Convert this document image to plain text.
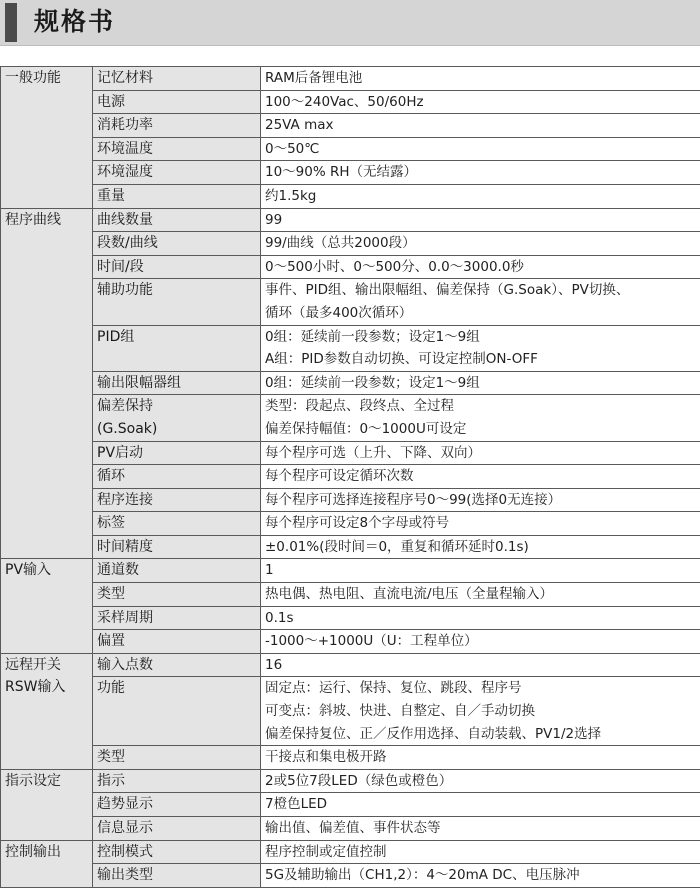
规格书
一般功能	记忆材料	RAM后备锂电池

	电源	100～240Vac、50/60Hz

	消耗功率	25VA max

	环境温度	0～50℃

	环境湿度	10～90% RH（无结露）

	重量	约1.5kg

程序曲线	曲线数量	99

	段数/曲线	99/曲线（总共2000段）

	时间/段	0～500小时、0～500分、0.0～3000.0秒

	辅助功能	事件、PID组、输出限幅组、偏差保持（G.Soak）、PV切换、
循环（最多400次循环）

	PID组	0组：延续前一段参数；设定1～9组
A组：PID参数自动切换、可设定控制ON-OFF

	输出限幅器组	0组：延续前一段参数；设定1～9组

	偏差保持
(G.Soak)	类型：段起点、段终点、全过程
偏差保持幅值：0～1000U可设定

	PV启动	每个程序可选（上升、下降、双向）

	循环	每个程序可设定循环次数

	程序连接	每个程序可选择连接程序号0～99(选择0无连接）

	标签	每个程序可设定8个字母或符号

	时间精度	±0.01%(段时间＝0，重复和循环延时0.1s)

PV输入	通道数	1

	类型	热电偶、热电阻、直流电流/电压（全量程输入）

	采样周期	0.1s

	偏置	-1000～+1000U（U：工程单位）

远程开关
RSW输入	输入点数	16

	功能	固定点：运行、保持、复位、跳段、程序号
可变点：斜坡、快进、自整定、自／手动切换
偏差保持复位、正／反作用选择、自动装载、PV1/2选择

	类型	干接点和集电极开路

指示设定	指示	2或5位7段LED（绿色或橙色）

	趋势显示	7橙色LED

	信息显示	输出值、偏差值、事件状态等

控制输出	控制模式	程序控制或定值控制

	输出类型	5G及辅助输出（CH1,2）：4～20mA DC、电压脉冲
